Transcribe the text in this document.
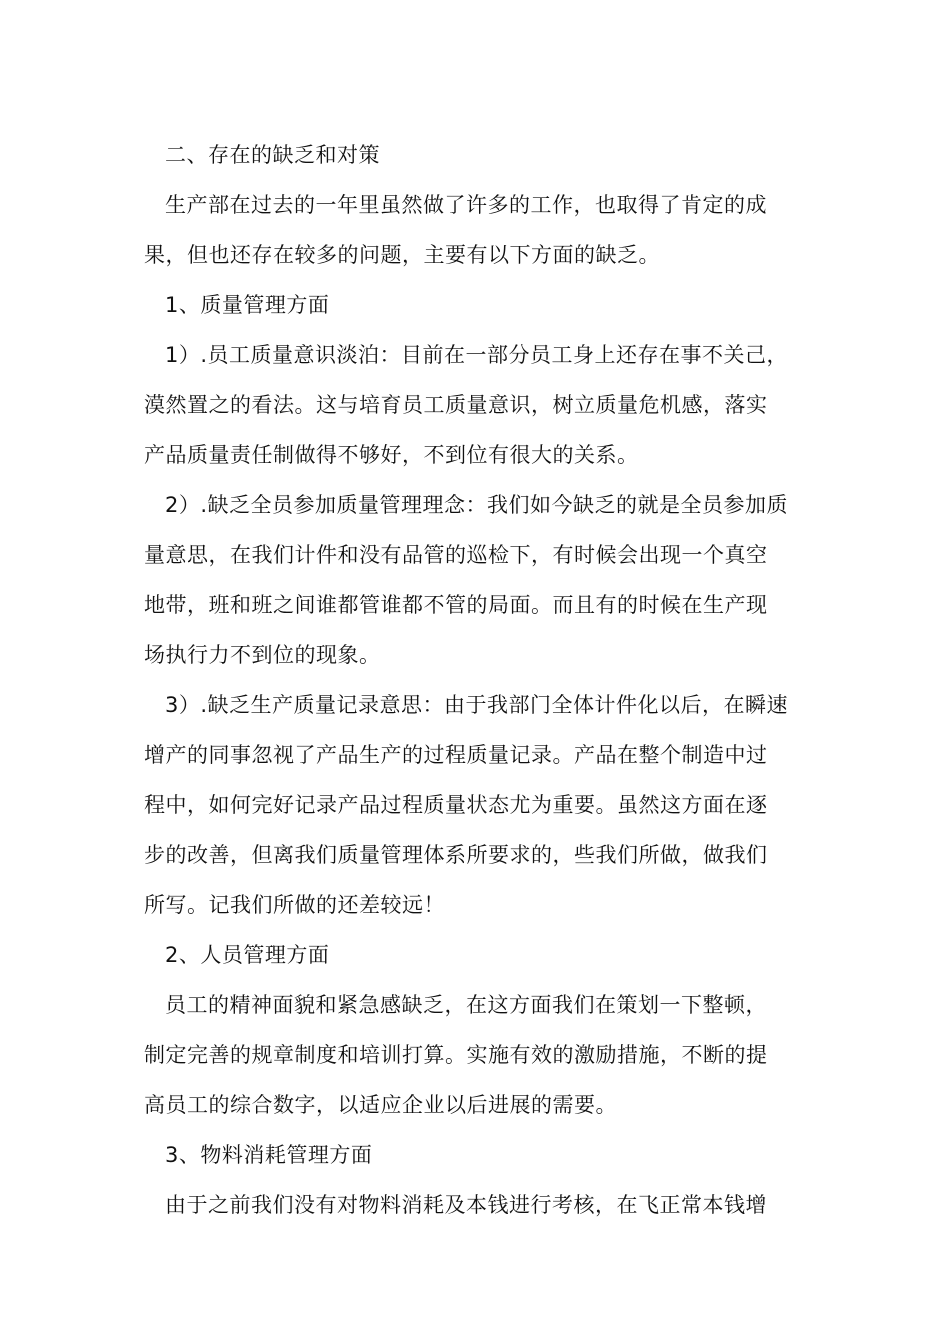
二、存在的缺乏和对策
生产部在过去的一年里虽然做了许多的工作，也取得了肯定的成
果，但也还存在较多的问题，主要有以下方面的缺乏。
1、质量管理方面
1）.员工质量意识淡泊：目前在一部分员工身上还存在事不关己，
漠然置之的看法。这与培育员工质量意识，树立质量危机感，落实
产品质量责任制做得不够好，不到位有很大的关系。
2）.缺乏全员参加质量管理理念：我们如今缺乏的就是全员参加质
量意思，在我们计件和没有品管的巡检下，有时候会出现一个真空
地带，班和班之间谁都管谁都不管的局面。而且有的时候在生产现
场执行力不到位的现象。
3）.缺乏生产质量记录意思：由于我部门全体计件化以后，在瞬速
增产的同事忽视了产品生产的过程质量记录。产品在整个制造中过
程中，如何完好记录产品过程质量状态尤为重要。虽然这方面在逐
步的改善，但离我们质量管理体系所要求的，些我们所做，做我们
所写。记我们所做的还差较远！
2、人员管理方面
员工的精神面貌和紧急感缺乏，在这方面我们在策划一下整顿，
制定完善的规章制度和培训打算。实施有效的激励措施，不断的提
高员工的综合数字，以适应企业以后进展的需要。
3、物料消耗管理方面
由于之前我们没有对物料消耗及本钱进行考核，在飞正常本钱增
